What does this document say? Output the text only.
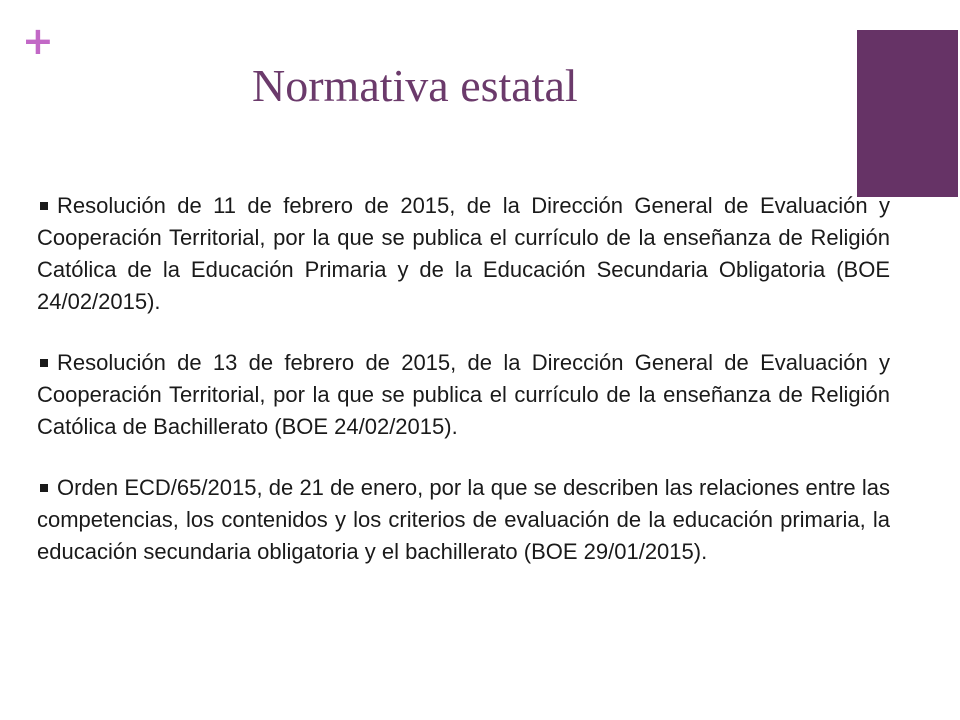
+
Normativa estatal
Resolución de 11 de febrero de 2015, de la Dirección General de Evaluación y Cooperación Territorial, por la que se publica el currículo de la enseñanza de Religión Católica de la Educación Primaria y de la Educación Secundaria Obligatoria (BOE 24/02/2015).
Resolución de 13 de febrero de 2015, de la Dirección General de Evaluación y Cooperación Territorial, por la que se publica el currículo de la enseñanza de Religión Católica de Bachillerato (BOE 24/02/2015).
Orden ECD/65/2015, de 21 de enero, por la que se describen las relaciones entre las competencias, los contenidos y los criterios de evaluación de la educación primaria, la educación secundaria obligatoria y el bachillerato (BOE 29/01/2015).
